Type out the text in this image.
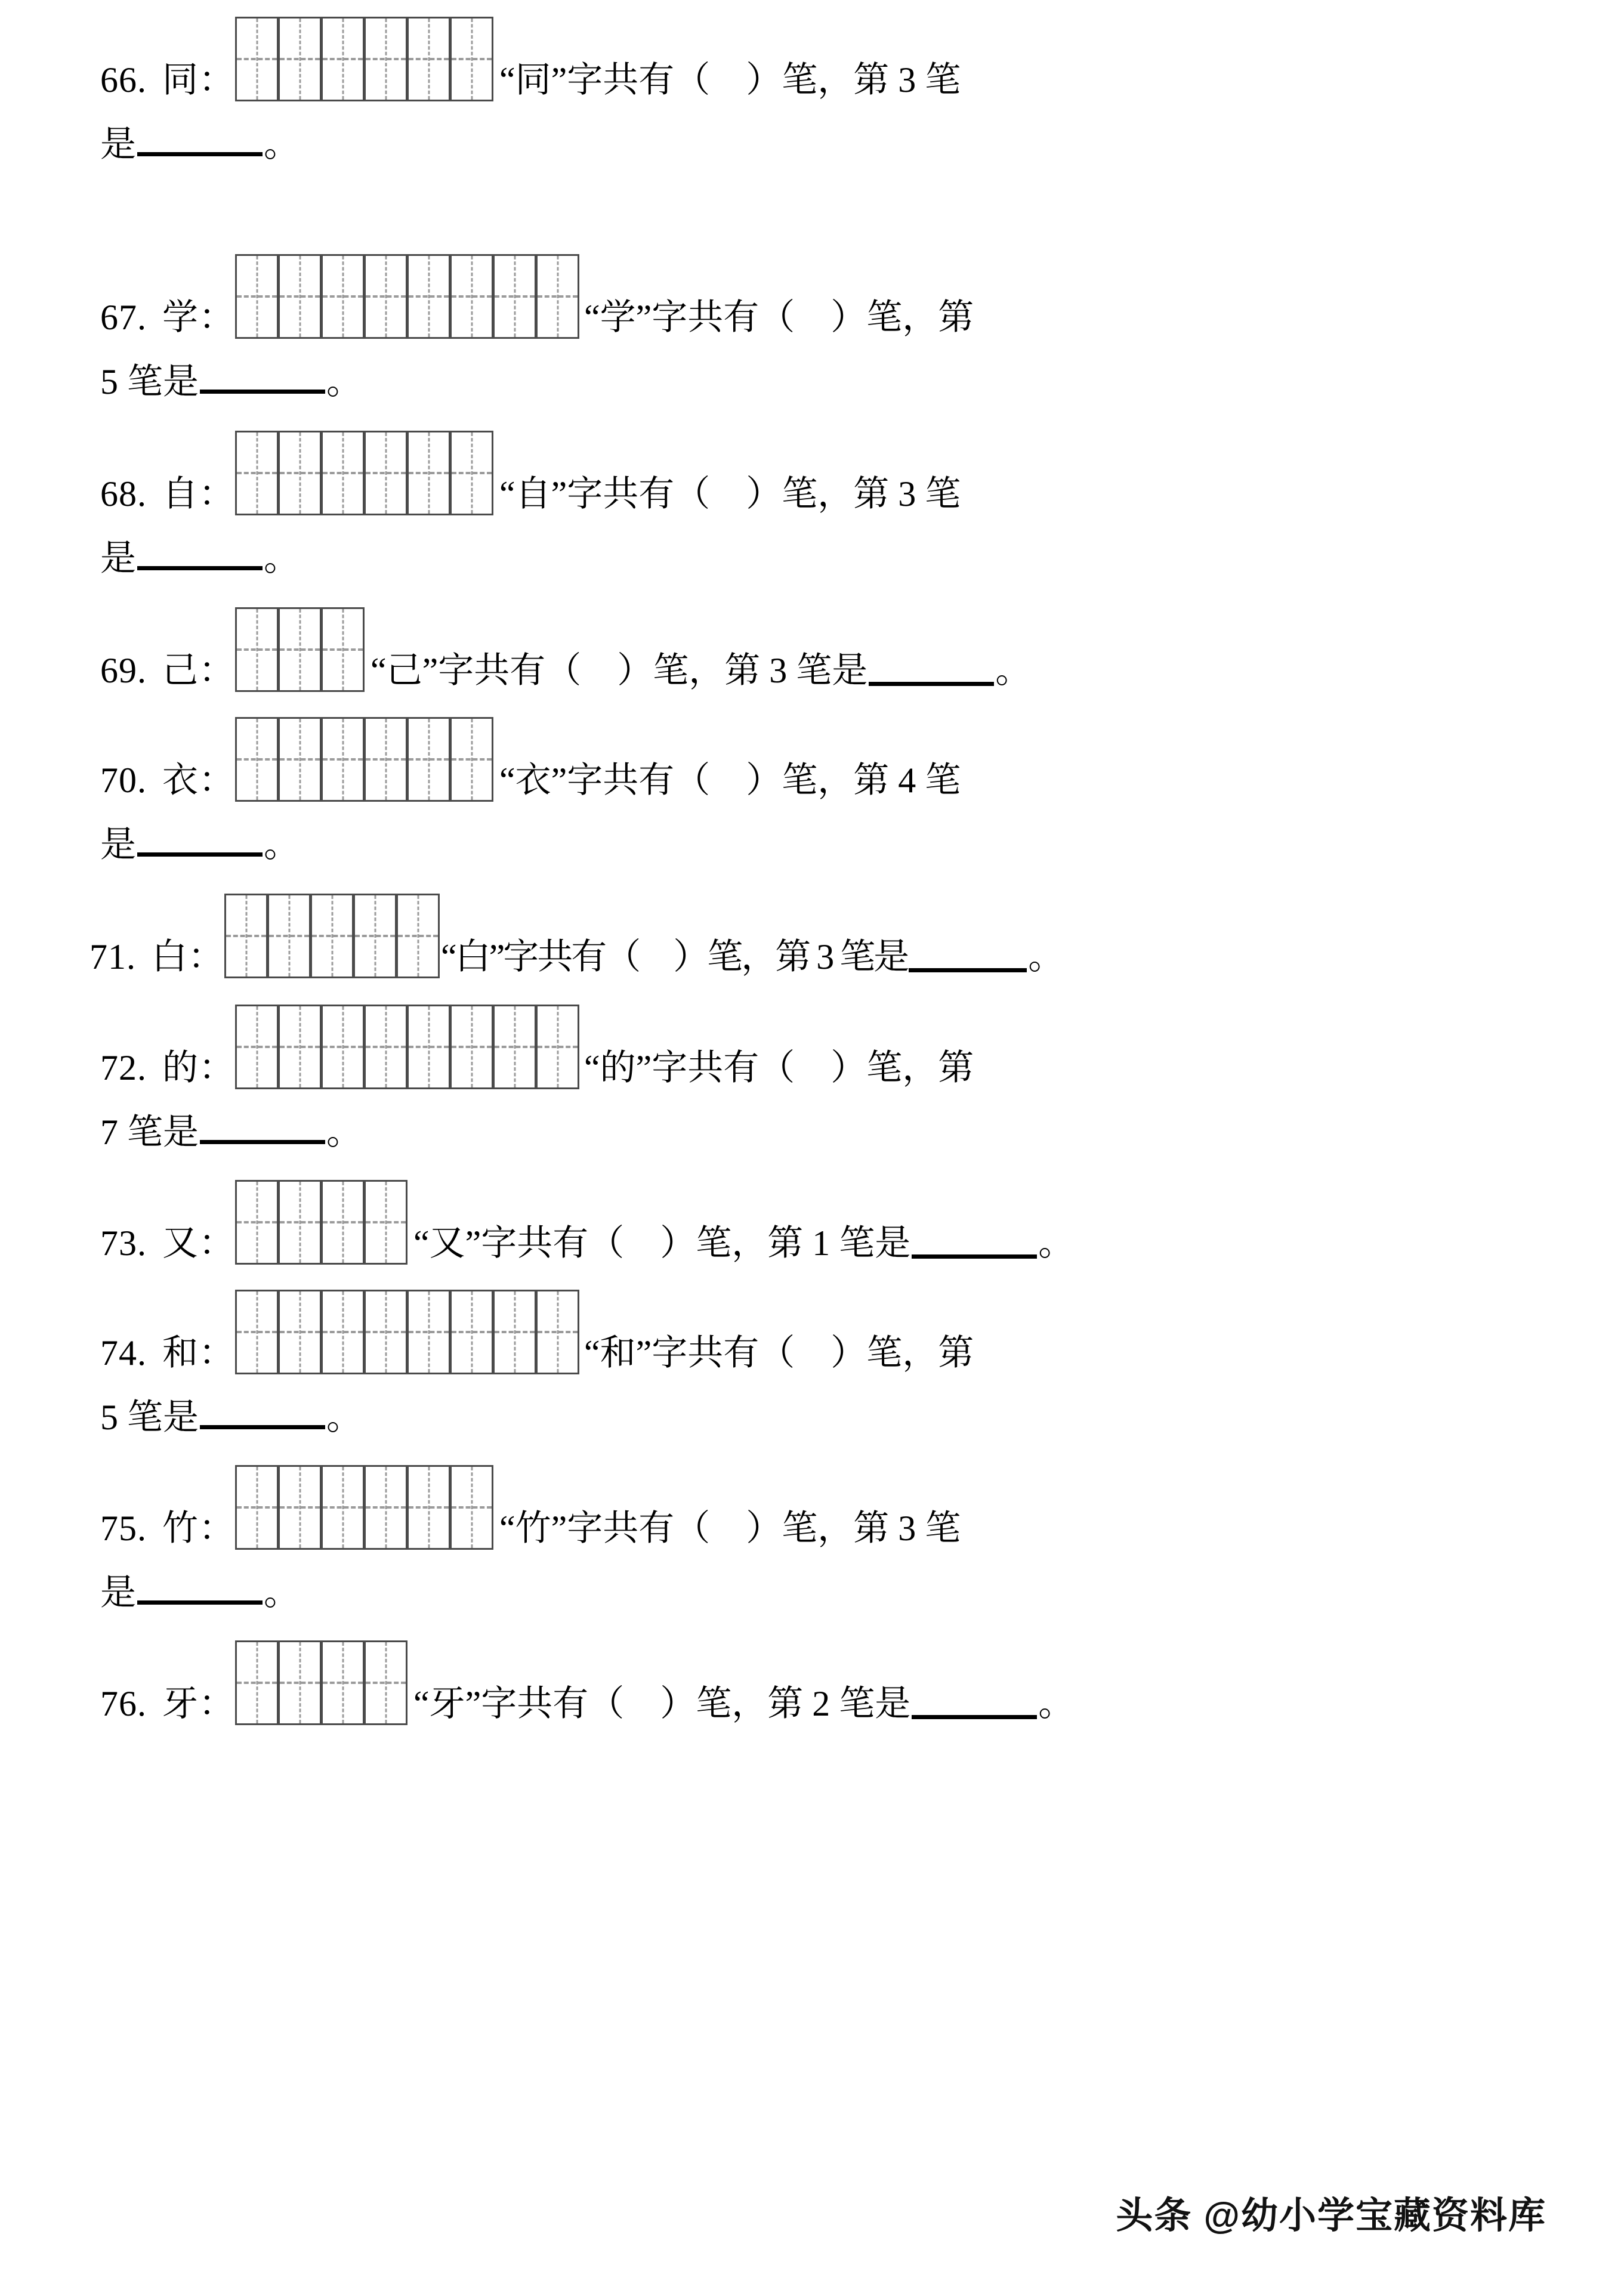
66. 同：	“同”字共有（　）笔，第 3 笔
是	。
67. 学：	“学”字共有（　）笔，第
5 笔是	。
68. 自：	“自”字共有（　）笔，第 3 笔
是	。
69. 己：	“己”字共有（　）笔，第 3 笔是	。
70. 衣：	“衣”字共有（　）笔，第 4 笔
是	。
71. 白：	“白”字共有（　）笔，第 3 笔是	。
72. 的：	“的”字共有（　）笔，第
7 笔是	。
73. 又：	“又”字共有（　）笔，第 1 笔是	。
74. 和：	“和”字共有（　）笔，第
5 笔是	。
75. 竹：	“竹”字共有（　）笔，第 3 笔
是	。
76. 牙：	“牙”字共有（　）笔，第 2 笔是	。
头条 @幼小学宝藏资料库
